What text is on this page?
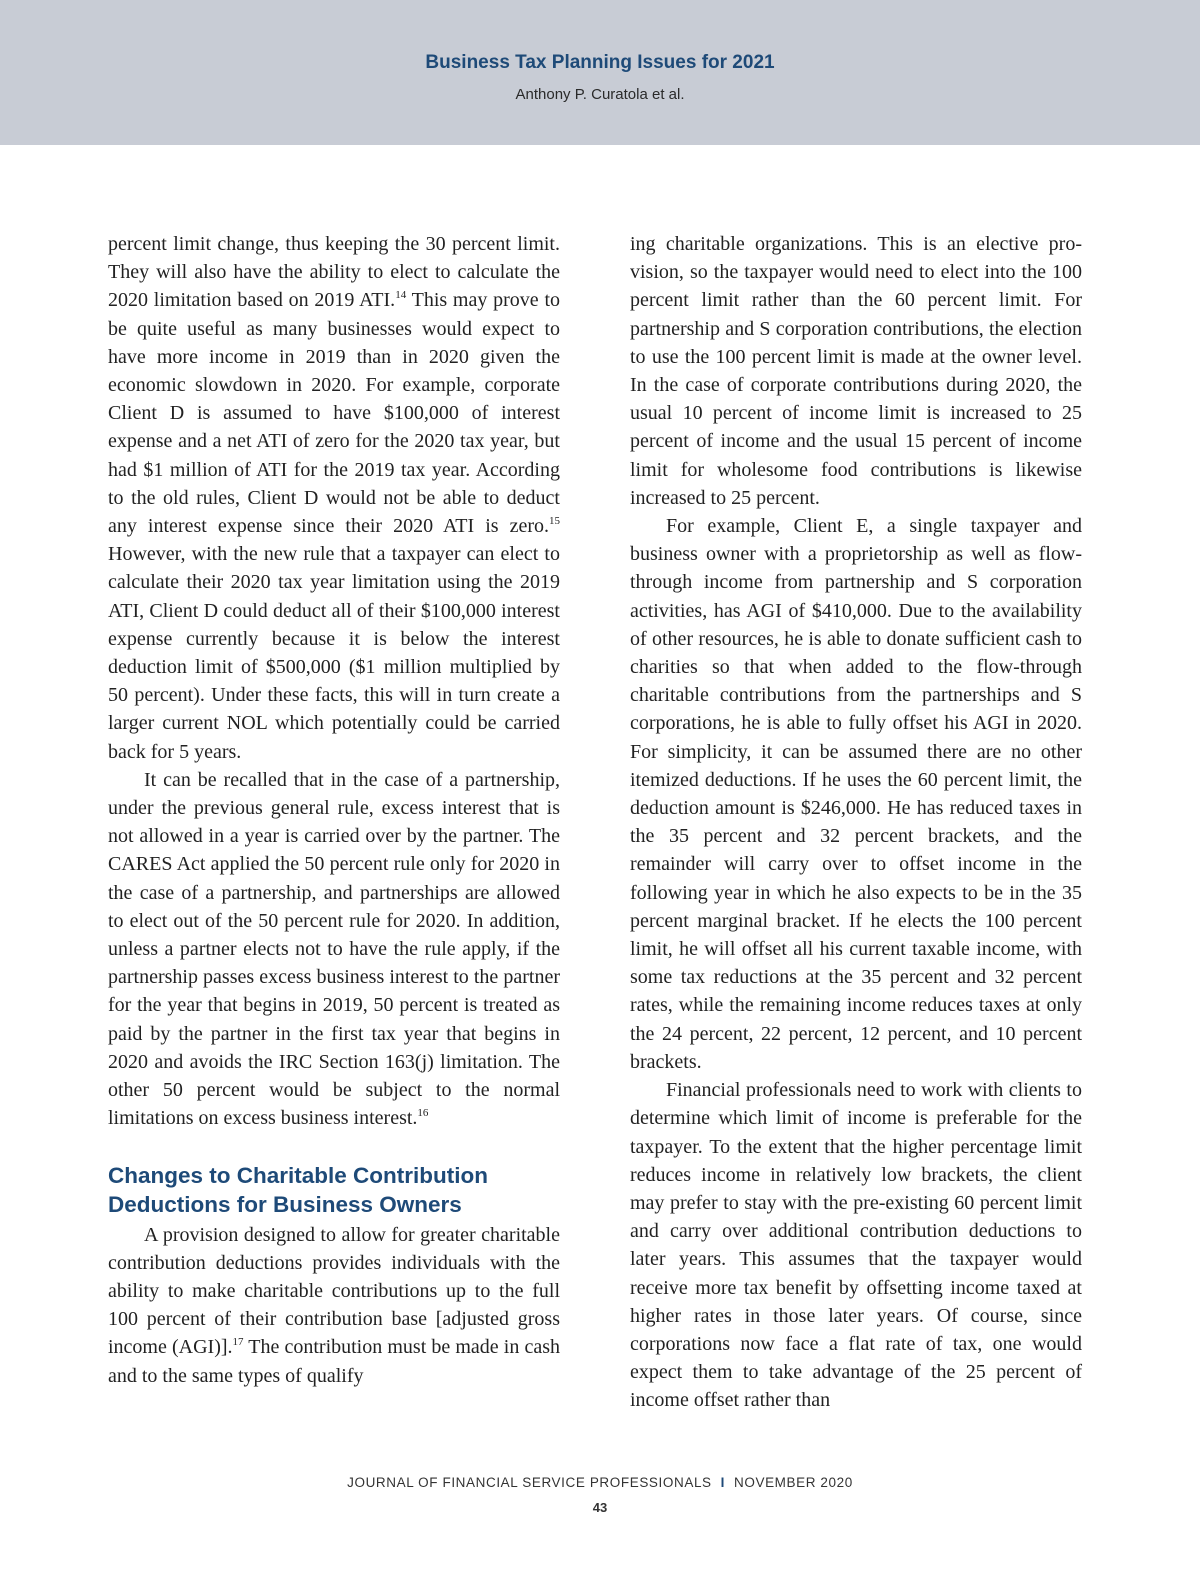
Business Tax Planning Issues for 2021
Anthony P. Curatola et al.

percent limit change, thus keeping the 30 percent limit. They will also have the ability to elect to calculate the 2020 limitation based on 2019 ATI.$^{14}$ This may prove to be quite useful as many businesses would expect to have more income in 2019 than in 2020 given the economic slowdown in 2020. For example, corporate Client D is assumed to have $100,000 of interest expense and a net ATI of zero for the 2020 tax year, but had $1 million of ATI for the 2019 tax year. According to the old rules, Client D would not be able to deduct any interest expense since their 2020 ATI is zero.$^{15}$ However, with the new rule that a taxpayer can elect to calculate their 2020 tax year limitation using the 2019 ATI, Client D could deduct all of their $100,000 interest expense currently because it is below the interest deduction limit of $500,000 ($1 million multiplied by 50 percent). Under these facts, this will in turn create a larger current NOL which potentially could be carried back for 5 years.

It can be recalled that in the case of a partnership, under the previous general rule, excess interest that is not allowed in a year is carried over by the partner. The CARES Act applied the 50 percent rule only for 2020 in the case of a partnership, and partnerships are allowed to elect out of the 50 percent rule for 2020. In addition, unless a partner elects not to have the rule apply, if the partnership passes excess business interest to the partner for the year that begins in 2019, 50 percent is treated as paid by the partner in the first tax year that begins in 2020 and avoids the IRC Section 163(j) limitation. The other 50 percent would be subject to the normal limitations on excess business interest.$^{16}$

Changes to Charitable Contribution
Deductions for Business Owners

A provision designed to allow for greater charitable contribution deductions provides individuals with the ability to make charitable contributions up to the full 100 percent of their contribution base [adjusted gross income (AGI)].$^{17}$ The contribution must be made in cash and to the same types of qualify

ing charitable organizations. This is an elective provision, so the taxpayer would need to elect into the 100 percent limit rather than the 60 percent limit. For partnership and S corporation contributions, the election to use the 100 percent limit is made at the owner level. In the case of corporate contributions during 2020, the usual 10 percent of income limit is increased to 25 percent of income and the usual 15 percent of income limit for wholesome food contributions is likewise increased to 25 percent.

For example, Client E, a single taxpayer and business owner with a proprietorship as well as flow-through income from partnership and S corporation activities, has AGI of $410,000. Due to the availability of other resources, he is able to donate sufficient cash to charities so that when added to the flow-through charitable contributions from the partnerships and S corporations, he is able to fully offset his AGI in 2020. For simplicity, it can be assumed there are no other itemized deductions. If he uses the 60 percent limit, the deduction amount is $246,000. He has reduced taxes in the 35 percent and 32 percent brackets, and the remainder will carry over to offset income in the following year in which he also expects to be in the 35 percent marginal bracket. If he elects the 100 percent limit, he will offset all his current taxable income, with some tax reductions at the 35 percent and 32 percent rates, while the remaining income reduces taxes at only the 24 percent, 22 percent, 12 percent, and 10 percent brackets.

Financial professionals need to work with clients to determine which limit of income is preferable for the taxpayer. To the extent that the higher percentage limit reduces income in relatively low brackets, the client may prefer to stay with the pre-existing 60 percent limit and carry over additional contribution deductions to later years. This assumes that the taxpayer would receive more tax benefit by offsetting income taxed at higher rates in those later years. Of course, since corporations now face a flat rate of tax, one would expect them to take advantage of the 25 percent of income offset rather than

JOURNAL OF FINANCIAL SERVICE PROFESSIONALS I NOVEMBER 2020
43
